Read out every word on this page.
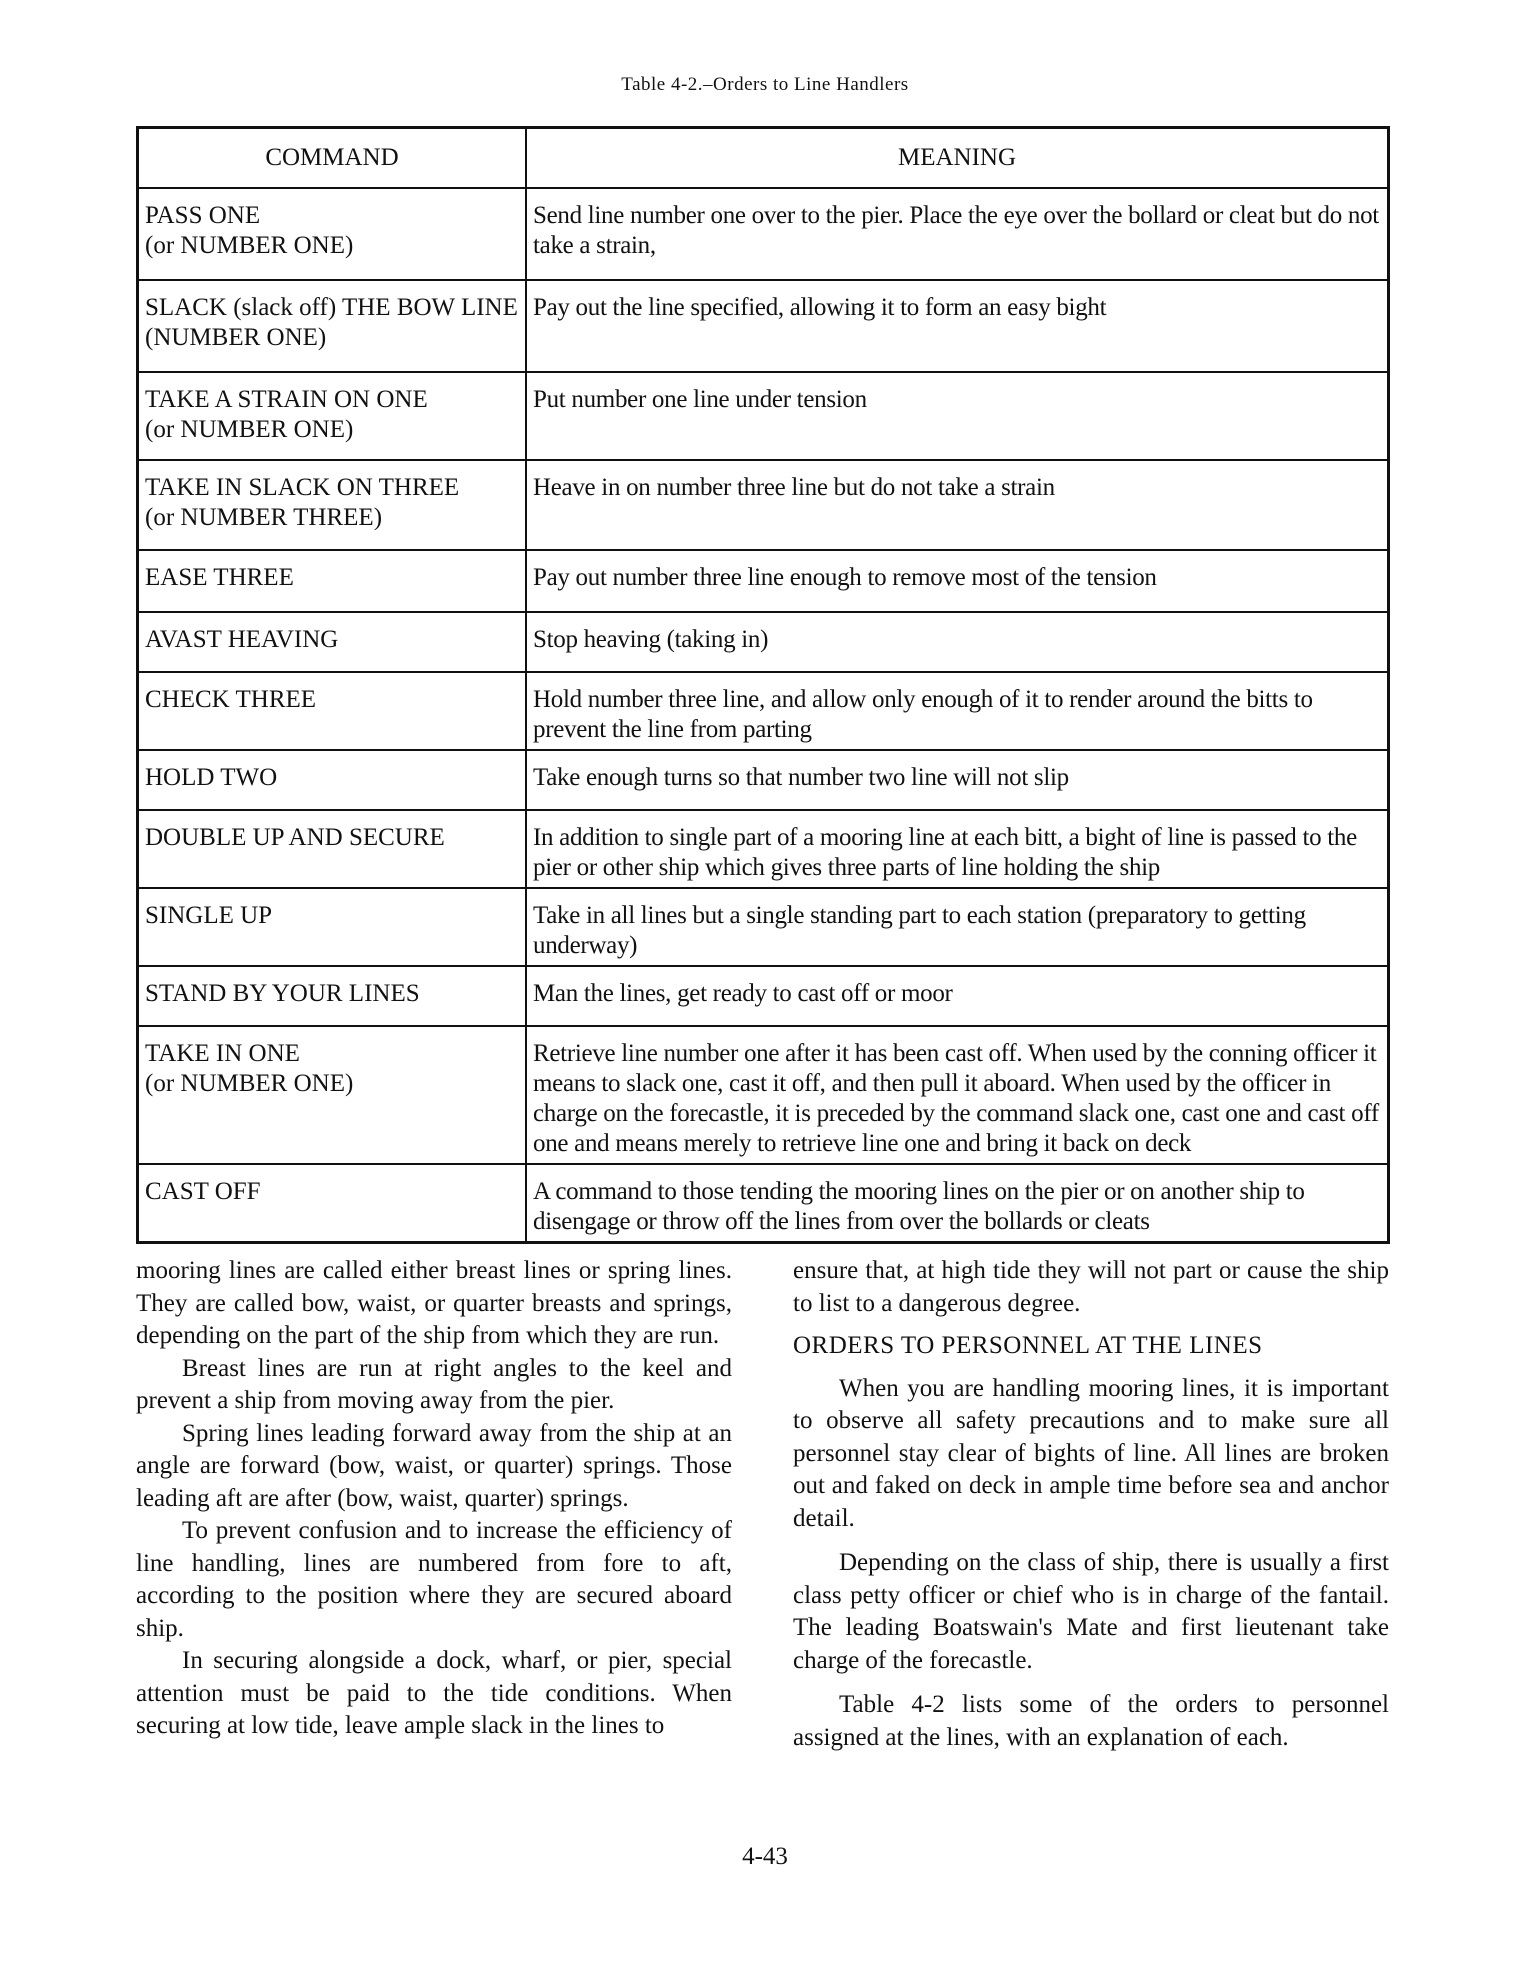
Table 4-2.–Orders to Line Handlers
COMMAND	MEANING

PASS ONE
(or NUMBER ONE)	Send line number one over to the pier. Place the eye over the bollard or cleat but do not take a strain,

SLACK (slack off) THE BOW LINE
(NUMBER ONE)	Pay out the line specified, allowing it to form an easy bight

TAKE A STRAIN ON ONE
(or NUMBER ONE)	Put number one line under tension

TAKE IN SLACK ON THREE
(or NUMBER THREE)	Heave in on number three line but do not take a strain

EASE THREE	Pay out number three line enough to remove most of the tension

AVAST HEAVING	Stop heaving (taking in)

CHECK THREE	Hold number three line, and allow only enough of it to render around the bitts to prevent the line from parting

HOLD TWO	Take enough turns so that number two line will not slip

DOUBLE UP AND SECURE	In addition to single part of a mooring line at each bitt, a bight of line is passed to the pier or other ship which gives three parts of line holding the ship

SINGLE UP	Take in all lines but a single standing part to each station (preparatory to getting underway)

STAND BY YOUR LINES	Man the lines, get ready to cast off or moor

TAKE IN ONE
(or NUMBER ONE)	Retrieve line number one after it has been cast off. When used by the conning officer it means to slack one, cast it off, and then pull it aboard. When used by the officer in charge on the forecastle, it is preceded by the command slack one, cast one and cast off one and means merely to retrieve line one and bring it back on deck

CAST OFF	A command to those tending the mooring lines on the pier or on another ship to disengage or throw off the lines from over the bollards or cleats

mooring lines are called either breast lines or spring lines. They are called bow, waist, or quarter breasts and springs, depending on the part of the ship from which they are run.

Breast lines are run at right angles to the keel and prevent a ship from moving away from the pier.

Spring lines leading forward away from the ship at an angle are forward (bow, waist, or quarter) springs. Those leading aft are after (bow, waist, quarter) springs.

To prevent confusion and to increase the efficiency of line handling, lines are numbered from fore to aft, according to the position where they are secured aboard ship.

In securing alongside a dock, wharf, or pier, special attention must be paid to the tide conditions. When securing at low tide, leave ample slack in the lines to

ensure that, at high tide they will not part or cause the ship to list to a dangerous degree.

ORDERS TO PERSONNEL AT THE LINES

When you are handling mooring lines, it is important to observe all safety precautions and to make sure all personnel stay clear of bights of line. All lines are broken out and faked on deck in ample time before sea and anchor detail.

Depending on the class of ship, there is usually a first class petty officer or chief who is in charge of the fantail. The leading Boatswain's Mate and first lieutenant take charge of the forecastle.

Table 4-2 lists some of the orders to personnel assigned at the lines, with an explanation of each.

4-43
